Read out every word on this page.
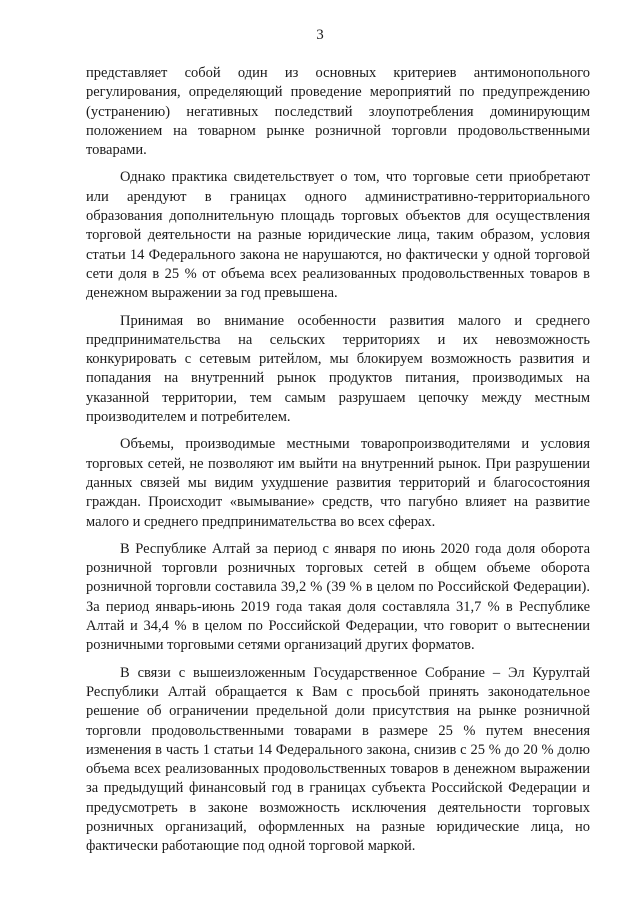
3

представляет собой один из основных критериев антимонопольного регулирования, определяющий проведение мероприятий по предупреждению (устранению) негативных последствий злоупотребления доминирующим положением на товарном рынке розничной торговли продовольственными товарами.

Однако практика свидетельствует о том, что торговые сети приобретают или арендуют в границах одного административно-территориального образования дополнительную площадь торговых объектов для осуществления торговой деятельности на разные юридические лица, таким образом, условия статьи 14 Федерального закона не нарушаются, но фактически у одной торговой сети доля в 25 % от объема всех реализованных продовольственных товаров в денежном выражении за год превышена.

Принимая во внимание особенности развития малого и среднего предпринимательства на сельских территориях и их невозможность конкурировать с сетевым ритейлом, мы блокируем возможность развития и попадания на внутренний рынок продуктов питания, производимых на указанной территории, тем самым разрушаем цепочку между местным производителем и потребителем.

Объемы, производимые местными товаропроизводителями и условия торговых сетей, не позволяют им выйти на внутренний рынок. При разрушении данных связей мы видим ухудшение развития территорий и благосостояния граждан. Происходит «вымывание» средств, что пагубно влияет на развитие малого и среднего предпринимательства во всех сферах.

В Республике Алтай за период с января по июнь 2020 года доля оборота розничной торговли розничных торговых сетей в общем объеме оборота розничной торговли составила 39,2 % (39 % в целом по Российской Федерации). За период январь-июнь 2019 года такая доля составляла 31,7 % в Республике Алтай и 34,4 % в целом по Российской Федерации, что говорит о вытеснении розничными торговыми сетями организаций других форматов.

В связи с вышеизложенным Государственное Собрание – Эл Курултай Республики Алтай обращается к Вам с просьбой принять законодательное решение об ограничении предельной доли присутствия на рынке розничной торговли продовольственными товарами в размере 25 % путем внесения изменения в часть 1 статьи 14 Федерального закона, снизив с 25 % до 20 % долю объема всех реализованных продовольственных товаров в денежном выражении за предыдущий финансовый год в границах субъекта Российской Федерации и предусмотреть в законе возможность исключения деятельности торговых розничных организаций, оформленных на разные юридические лица, но фактически работающие под одной торговой маркой.
